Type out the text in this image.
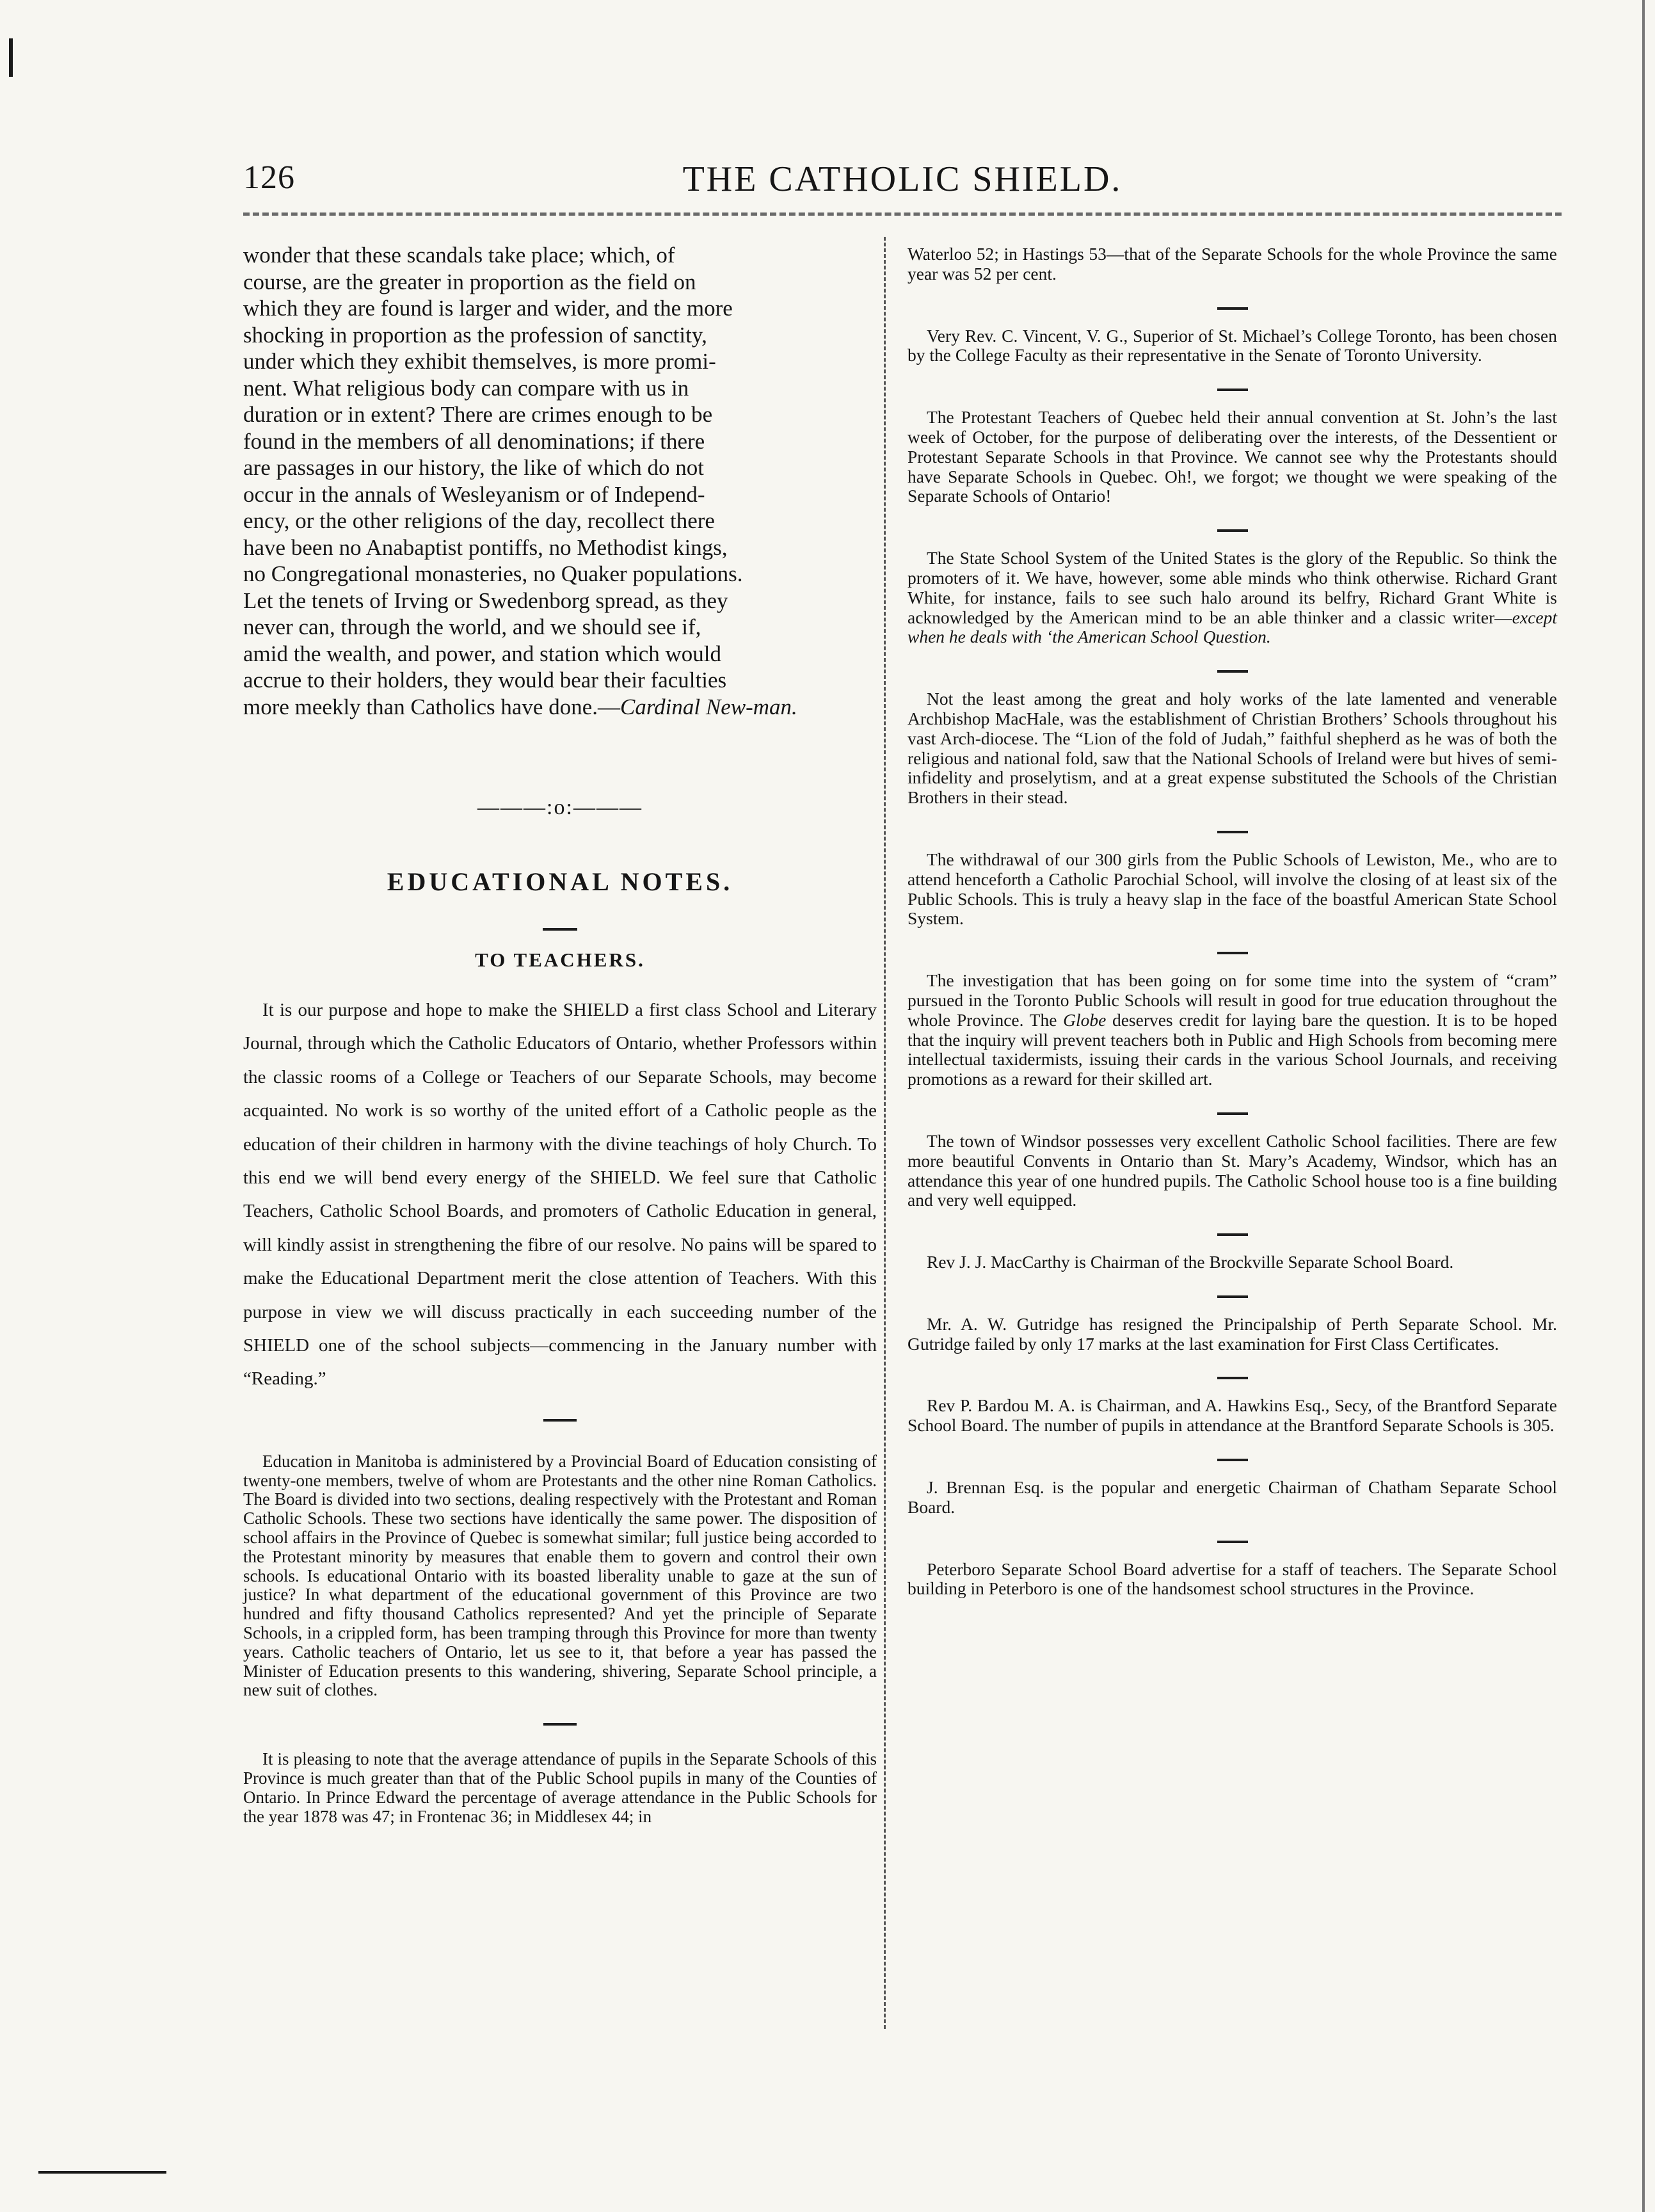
126	THE CATHOLIC SHIELD.
wonder that these scandals take place; which, of
course, are the greater in proportion as the field on
which they are found is larger and wider, and the more
shocking in proportion as the profession of sanctity,
under which they exhibit themselves, is more promi-
nent. What religious body can compare with us in
duration or in extent? There are crimes enough to be
found in the members of all denominations; if there
are passages in our history, the like of which do not
occur in the annals of Wesleyanism or of Independ-
ency, or the other religions of the day, recollect there
have been no Anabaptist pontiffs, no Methodist kings,
no Congregational monasteries, no Quaker populations.
Let the tenets of Irving or Swedenborg spread, as they
never can, through the world, and we should see if,
amid the wealth, and power, and station which would
accrue to their holders, they would bear their faculties
more meekly than Catholics have done.—Cardinal New-man.
———:o:———
EDUCATIONAL NOTES.
TO TEACHERS.

It is our purpose and hope to make the SHIELD a first class School and Literary Journal, through which the Catholic Educators of Ontario, whether Professors within the classic rooms of a College or Teachers of our Separate Schools, may become acquainted. No work is so worthy of the united effort of a Catholic people as the education of their children in harmony with the divine teachings of holy Church. To this end we will bend every energy of the SHIELD. We feel sure that Catholic Teachers, Catholic School Boards, and promoters of Catholic Education in general, will kindly assist in strengthening the fibre of our resolve. No pains will be spared to make the Educational Department merit the close attention of Teachers. With this purpose in view we will discuss practically in each succeeding number of the SHIELD one of the school subjects—commencing in the January number with “Reading.”

Education in Manitoba is administered by a Provincial Board of Education consisting of twenty-one members, twelve of whom are Protestants and the other nine Roman Catholics. The Board is divided into two sections, dealing respectively with the Protestant and Roman Catholic Schools. These two sections have identically the same power. The disposition of school affairs in the Province of Quebec is somewhat similar; full justice being accorded to the Protestant minority by measures that enable them to govern and control their own schools. Is educational Ontario with its boasted liberality unable to gaze at the sun of justice? In what department of the educational government of this Province are two hundred and fifty thousand Catholics represented? And yet the principle of Separate Schools, in a crippled form, has been tramping through this Province for more than twenty years. Catholic teachers of Ontario, let us see to it, that before a year has passed the Minister of Education presents to this wandering, shivering, Separate School principle, a new suit of clothes.

It is pleasing to note that the average attendance of pupils in the Separate Schools of this Province is much greater than that of the Public School pupils in many of the Counties of Ontario. In Prince Edward the percentage of average attendance in the Public Schools for the year 1878 was 47; in Frontenac 36; in Middlesex 44; in

Waterloo 52; in Hastings 53—that of the Separate Schools for the whole Province the same year was 52 per cent.

Very Rev. C. Vincent, V. G., Superior of St. Michael’s College Toronto, has been chosen by the College Faculty as their representative in the Senate of Toronto University.

The Protestant Teachers of Quebec held their annual convention at St. John’s the last week of October, for the purpose of deliberating over the interests, of the Dessentient or Protestant Separate Schools in that Province. We cannot see why the Protestants should have Separate Schools in Quebec. Oh!, we forgot; we thought we were speaking of the Separate Schools of Ontario!

The State School System of the United States is the glory of the Republic. So think the promoters of it. We have, however, some able minds who think otherwise. Richard Grant White, for instance, fails to see such halo around its belfry, Richard Grant White is acknowledged by the American mind to be an able thinker and a classic writer—except when he deals with ‘the American School Question.

Not the least among the great and holy works of the late lamented and venerable Archbishop MacHale, was the establishment of Christian Brothers’ Schools throughout his vast Arch-diocese. The “Lion of the fold of Judah,” faithful shepherd as he was of both the religious and national fold, saw that the National Schools of Ireland were but hives of semi-infidelity and proselytism, and at a great expense substituted the Schools of the Christian Brothers in their stead.

The withdrawal of our 300 girls from the Public Schools of Lewiston, Me., who are to attend henceforth a Catholic Parochial School, will involve the closing of at least six of the Public Schools. This is truly a heavy slap in the face of the boastful American State School System.

The investigation that has been going on for some time into the system of “cram” pursued in the Toronto Public Schools will result in good for true education throughout the whole Province. The Globe deserves credit for laying bare the question. It is to be hoped that the inquiry will prevent teachers both in Public and High Schools from becoming mere intellectual taxidermists, issuing their cards in the various School Journals, and receiving promotions as a reward for their skilled art.

The town of Windsor possesses very excellent Catholic School facilities. There are few more beautiful Convents in Ontario than St. Mary’s Academy, Windsor, which has an attendance this year of one hundred pupils. The Catholic School house too is a fine building and very well equipped.

Rev J. J. MacCarthy is Chairman of the Brockville Separate School Board.

Mr. A. W. Gutridge has resigned the Principalship of Perth Separate School. Mr. Gutridge failed by only 17 marks at the last examination for First Class Certificates.

Rev P. Bardou M. A. is Chairman, and A. Hawkins Esq., Secy, of the Brantford Separate School Board. The number of pupils in attendance at the Brantford Separate Schools is 305.

J. Brennan Esq. is the popular and energetic Chairman of Chatham Separate School Board.

Peterboro Separate School Board advertise for a staff of teachers. The Separate School building in Peterboro is one of the handsomest school structures in the Province.
